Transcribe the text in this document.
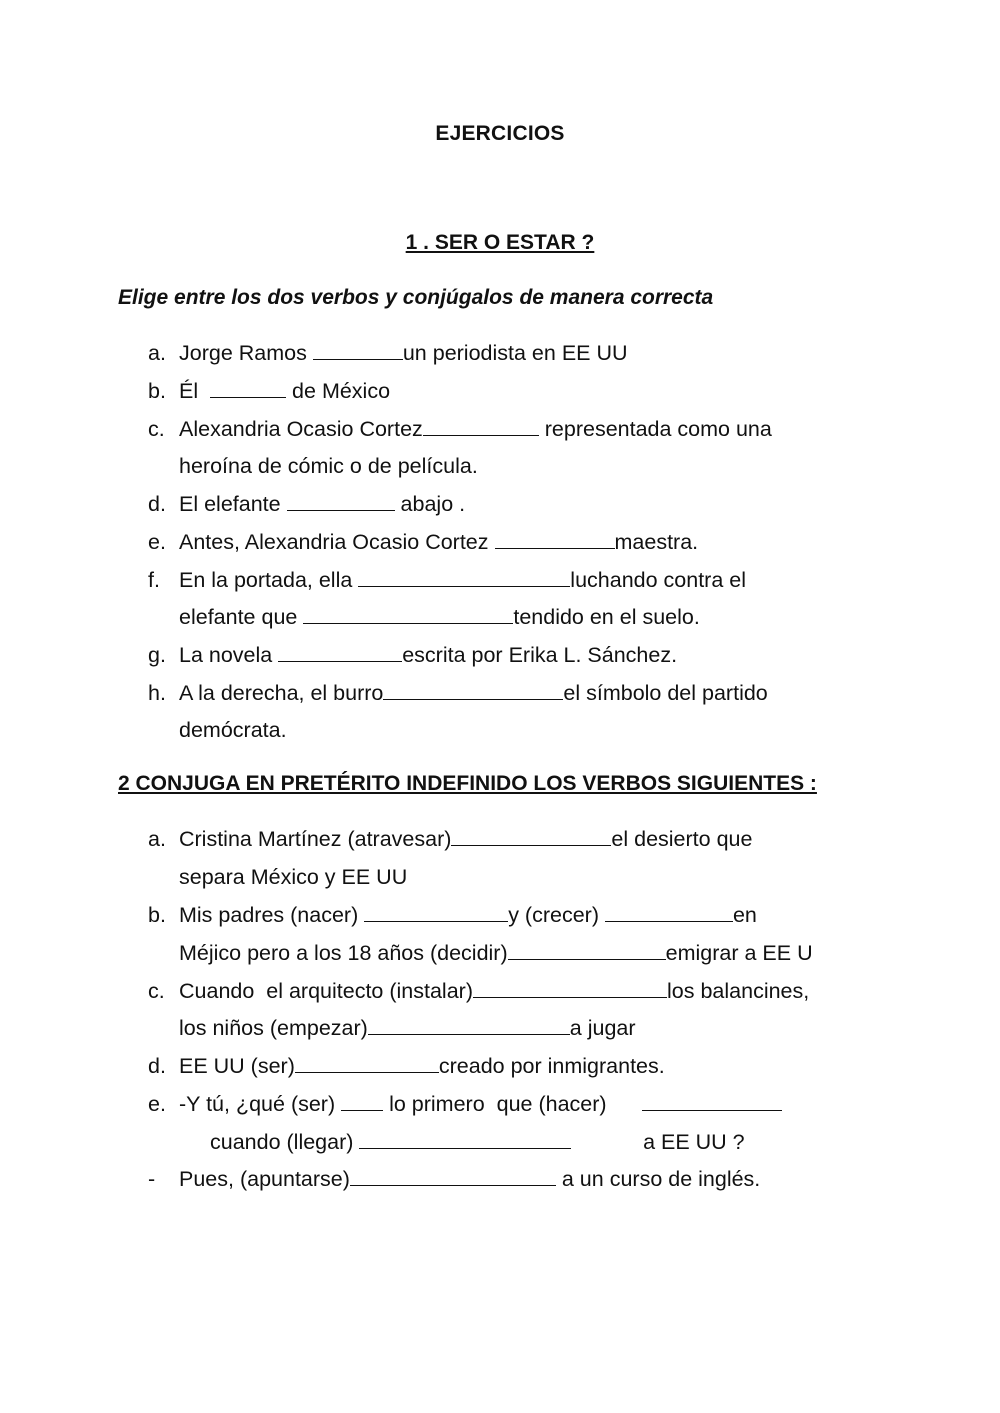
EJERCICIOS
1 . SER O ESTAR ?
Elige entre los dos verbos y conjúgalos de manera correcta
a. Jorge Ramos	un periodista en EE UU
b. Él	de México
c. Alexandria Ocasio Cortez	representada como una
heroína de cómic o de película.
d. El elefante	abajo .
e. Antes, Alexandria Ocasio Cortez	maestra.
f. En la portada, ella	luchando contra el
elefante que	tendido en el suelo.
g. La novela	escrita por Erika L. Sánchez.
h. A la derecha, el burro	el símbolo del partido
demócrata.
2 CONJUGA EN PRETÉRITO INDEFINIDO LOS VERBOS SIGUIENTES :
a. Cristina Martínez (atravesar)	el desierto que
separa México y EE UU
b. Mis padres (nacer)	y (crecer)	en
Méjico pero a los 18 años (decidir)	emigrar a EE U
c. Cuando  el arquitecto (instalar)	los balancines,
los niños (empezar)	a jugar
d. EE UU (ser)	creado por inmigrantes.
e. -Y tú, ¿qué (ser)  lo primero  que (hacer)
cuando (llegar)	a EE UU ?
- Pues, (apuntarse)	a un curso de inglés.
